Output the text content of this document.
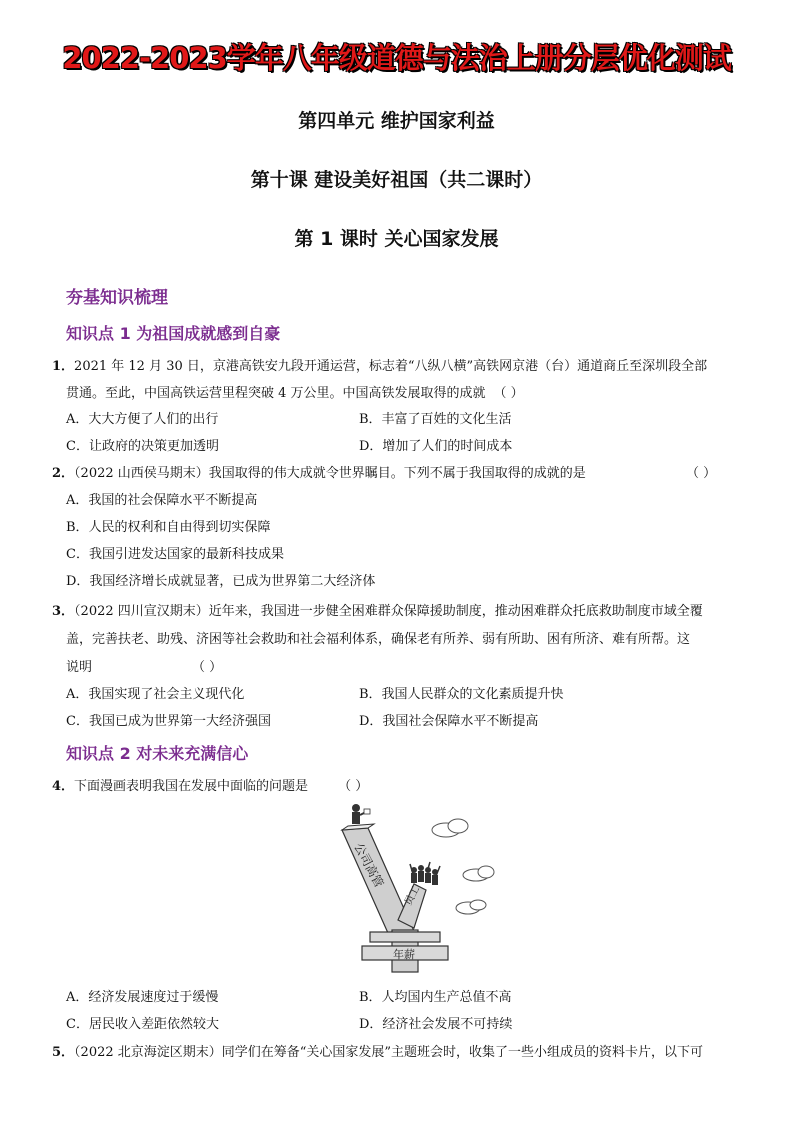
2022-2023学年八年级道德与法治上册分层优化测试
第四单元 维护国家利益
第十课 建设美好祖国（共二课时）
第 1 课时 关心国家发展
夯基知识梳理
知识点 1 为祖国成就感到自豪
1．2021 年 12 月 30 日，京港高铁安九段开通运营，标志着“八纵八横”高铁网京港（台）通道商丘至深圳段全部
贯通。至此，中国高铁运营里程突破 4 万公里。中国高铁发展取得的成就 （ ）
A．大大方便了人们的出行	B．丰富了百姓的文化生活
C．让政府的决策更加透明	D．增加了人们的时间成本
2．（2022 山西侯马期末）我国取得的伟大成就令世界瞩目。下列不属于我国取得的成就的是	（ ）
A．我国的社会保障水平不断提高
B．人民的权利和自由得到切实保障
C．我国引进发达国家的最新科技成果
D．我国经济增长成就显著，已成为世界第二大经济体
3．（2022 四川宣汉期末）近年来，我国进一步健全困难群众保障援助制度，推动困难群众托底救助制度市域全覆
盖，完善扶老、助残、济困等社会救助和社会福利体系，确保老有所养、弱有所助、困有所济、难有所帮。这
说明	（ ）
A．我国实现了社会主义现代化	B．我国人民群众的文化素质提升快
C．我国已成为世界第一大经济强国	D．我国社会保障水平不断提高
知识点 2 对未来充满信心
4．下面漫画表明我国在发展中面临的问题是 （ ）
公司高管
员工
年薪
A．经济发展速度过于缓慢	B．人均国内生产总值不高
C．居民收入差距依然较大	D．经济社会发展不可持续
5．（2022 北京海淀区期末）同学们在筹备“关心国家发展”主题班会时，收集了一些小组成员的资料卡片，以下可
